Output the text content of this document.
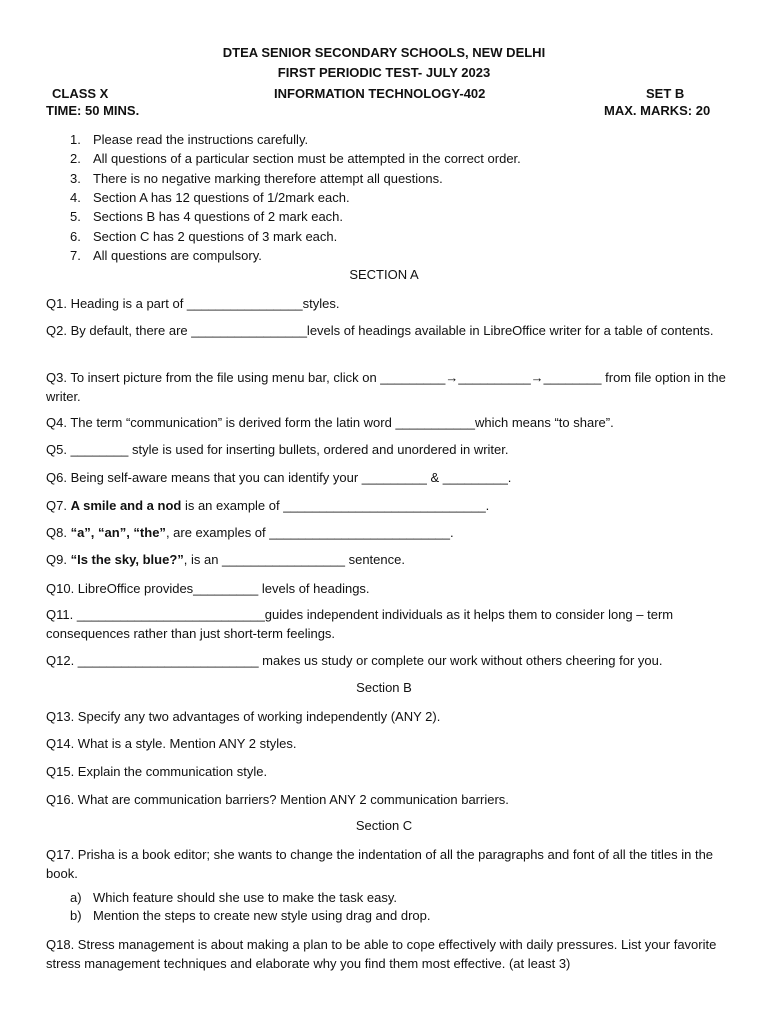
DTEA SENIOR SECONDARY SCHOOLS, NEW DELHI
FIRST PERIODIC TEST- JULY 2023
CLASS X	INFORMATION TECHNOLOGY-402	SET B
TIME: 50 MINS.	MAX. MARKS: 20
1. Please read the instructions carefully.
2. All questions of a particular section must be attempted in the correct order.
3. There is no negative marking therefore attempt all questions.
4. Section A has 12 questions of 1/2mark each.
5. Sections B has 4 questions of 2 mark each.
6. Section C has 2 questions of 3 mark each.
7. All questions are compulsory.
SECTION A
Q1. Heading is a part of ________________styles.
Q2. By default, there are ________________levels of headings available in LibreOffice writer for a table of contents.
Q3. To insert picture from the file using menu bar, click on _________→__________→________ from file option in the writer.
Q4. The term “communication” is derived form the latin word ___________which means “to share”.
Q5. ________ style is used for inserting bullets, ordered and unordered in writer.
Q6. Being self-aware means that you can identify your _________ & _________.
Q7. A smile and a nod is an example of ____________________________.
Q8. “a”, “an”, “the”, are examples of _________________________.
Q9. “Is the sky, blue?”, is an _________________ sentence.
Q10. LibreOffice provides_________ levels of headings.
Q11. __________________________guides independent individuals as it helps them to consider long – term consequences rather than just short-term feelings.
Q12. _________________________ makes us study or complete our work without others cheering for you.
Section B
Q13. Specify any two advantages of working independently (ANY 2).
Q14. What is a style. Mention ANY 2 styles.
Q15. Explain the communication style.
Q16. What are communication barriers? Mention ANY 2 communication barriers.
Section C
Q17. Prisha is a book editor; she wants to change the indentation of all the paragraphs and font of all the titles in the book.
a) Which feature should she use to make the task easy.
b) Mention the steps to create new style using drag and drop.
Q18. Stress management is about making a plan to be able to cope effectively with daily pressures. List your favorite stress management techniques and elaborate why you find them most effective. (at least 3)
